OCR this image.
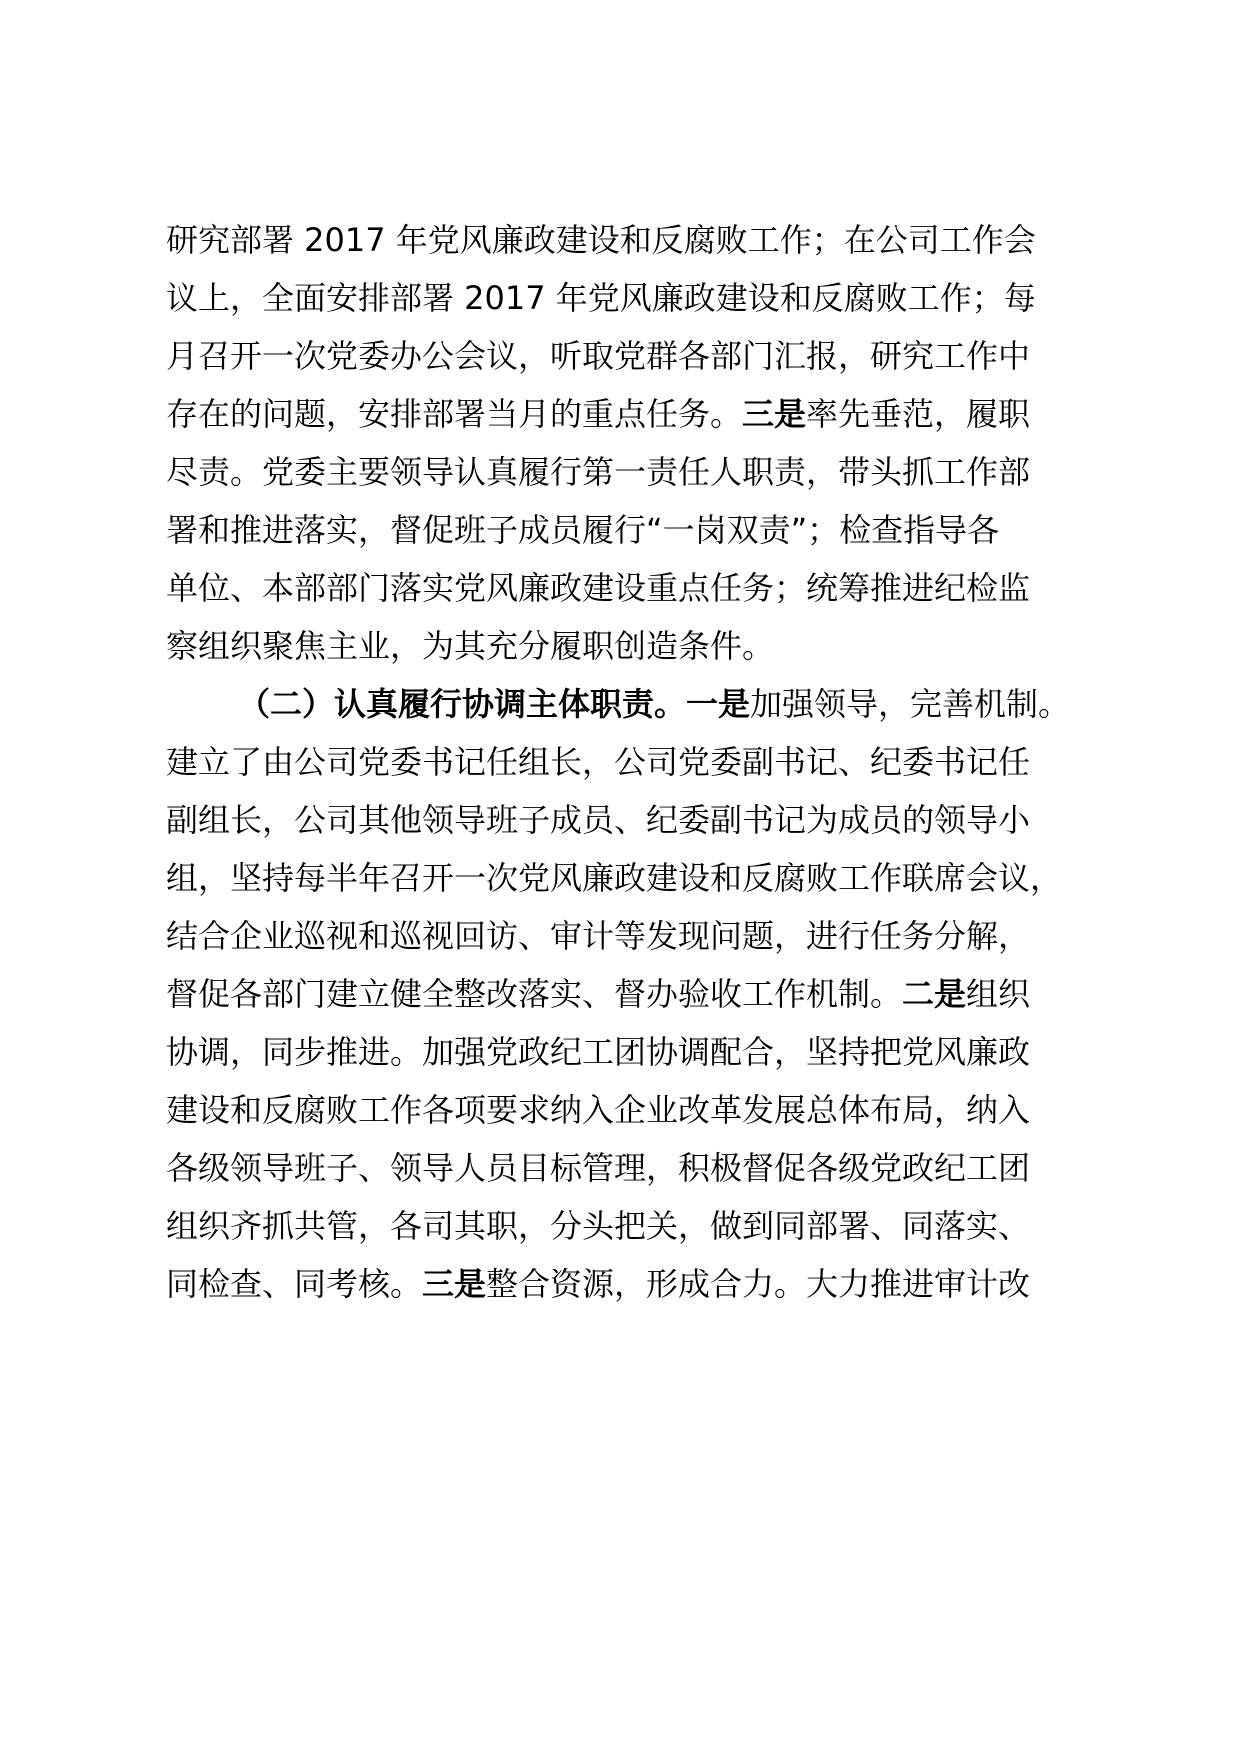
研究部署 2017 年党风廉政建设和反腐败工作；在公司工作会
议上，全面安排部署 2017 年党风廉政建设和反腐败工作；每
月召开一次党委办公会议，听取党群各部门汇报，研究工作中
存在的问题，安排部署当月的重点任务。三是率先垂范，履职
尽责。党委主要领导认真履行第一责任人职责，带头抓工作部
署和推进落实，督促班子成员履行“一岗双责”；检查指导各
单位、本部部门落实党风廉政建设重点任务；统筹推进纪检监
察组织聚焦主业，为其充分履职创造条件。
（二）认真履行协调主体职责。一是加强领导，完善机制。
建立了由公司党委书记任组长，公司党委副书记、纪委书记任
副组长，公司其他领导班子成员、纪委副书记为成员的领导小
组，坚持每半年召开一次党风廉政建设和反腐败工作联席会议，
结合企业巡视和巡视回访、审计等发现问题，进行任务分解，
督促各部门建立健全整改落实、督办验收工作机制。二是组织
协调，同步推进。加强党政纪工团协调配合，坚持把党风廉政
建设和反腐败工作各项要求纳入企业改革发展总体布局，纳入
各级领导班子、领导人员目标管理，积极督促各级党政纪工团
组织齐抓共管，各司其职，分头把关，做到同部署、同落实、
同检查、同考核。三是整合资源，形成合力。大力推进审计改
